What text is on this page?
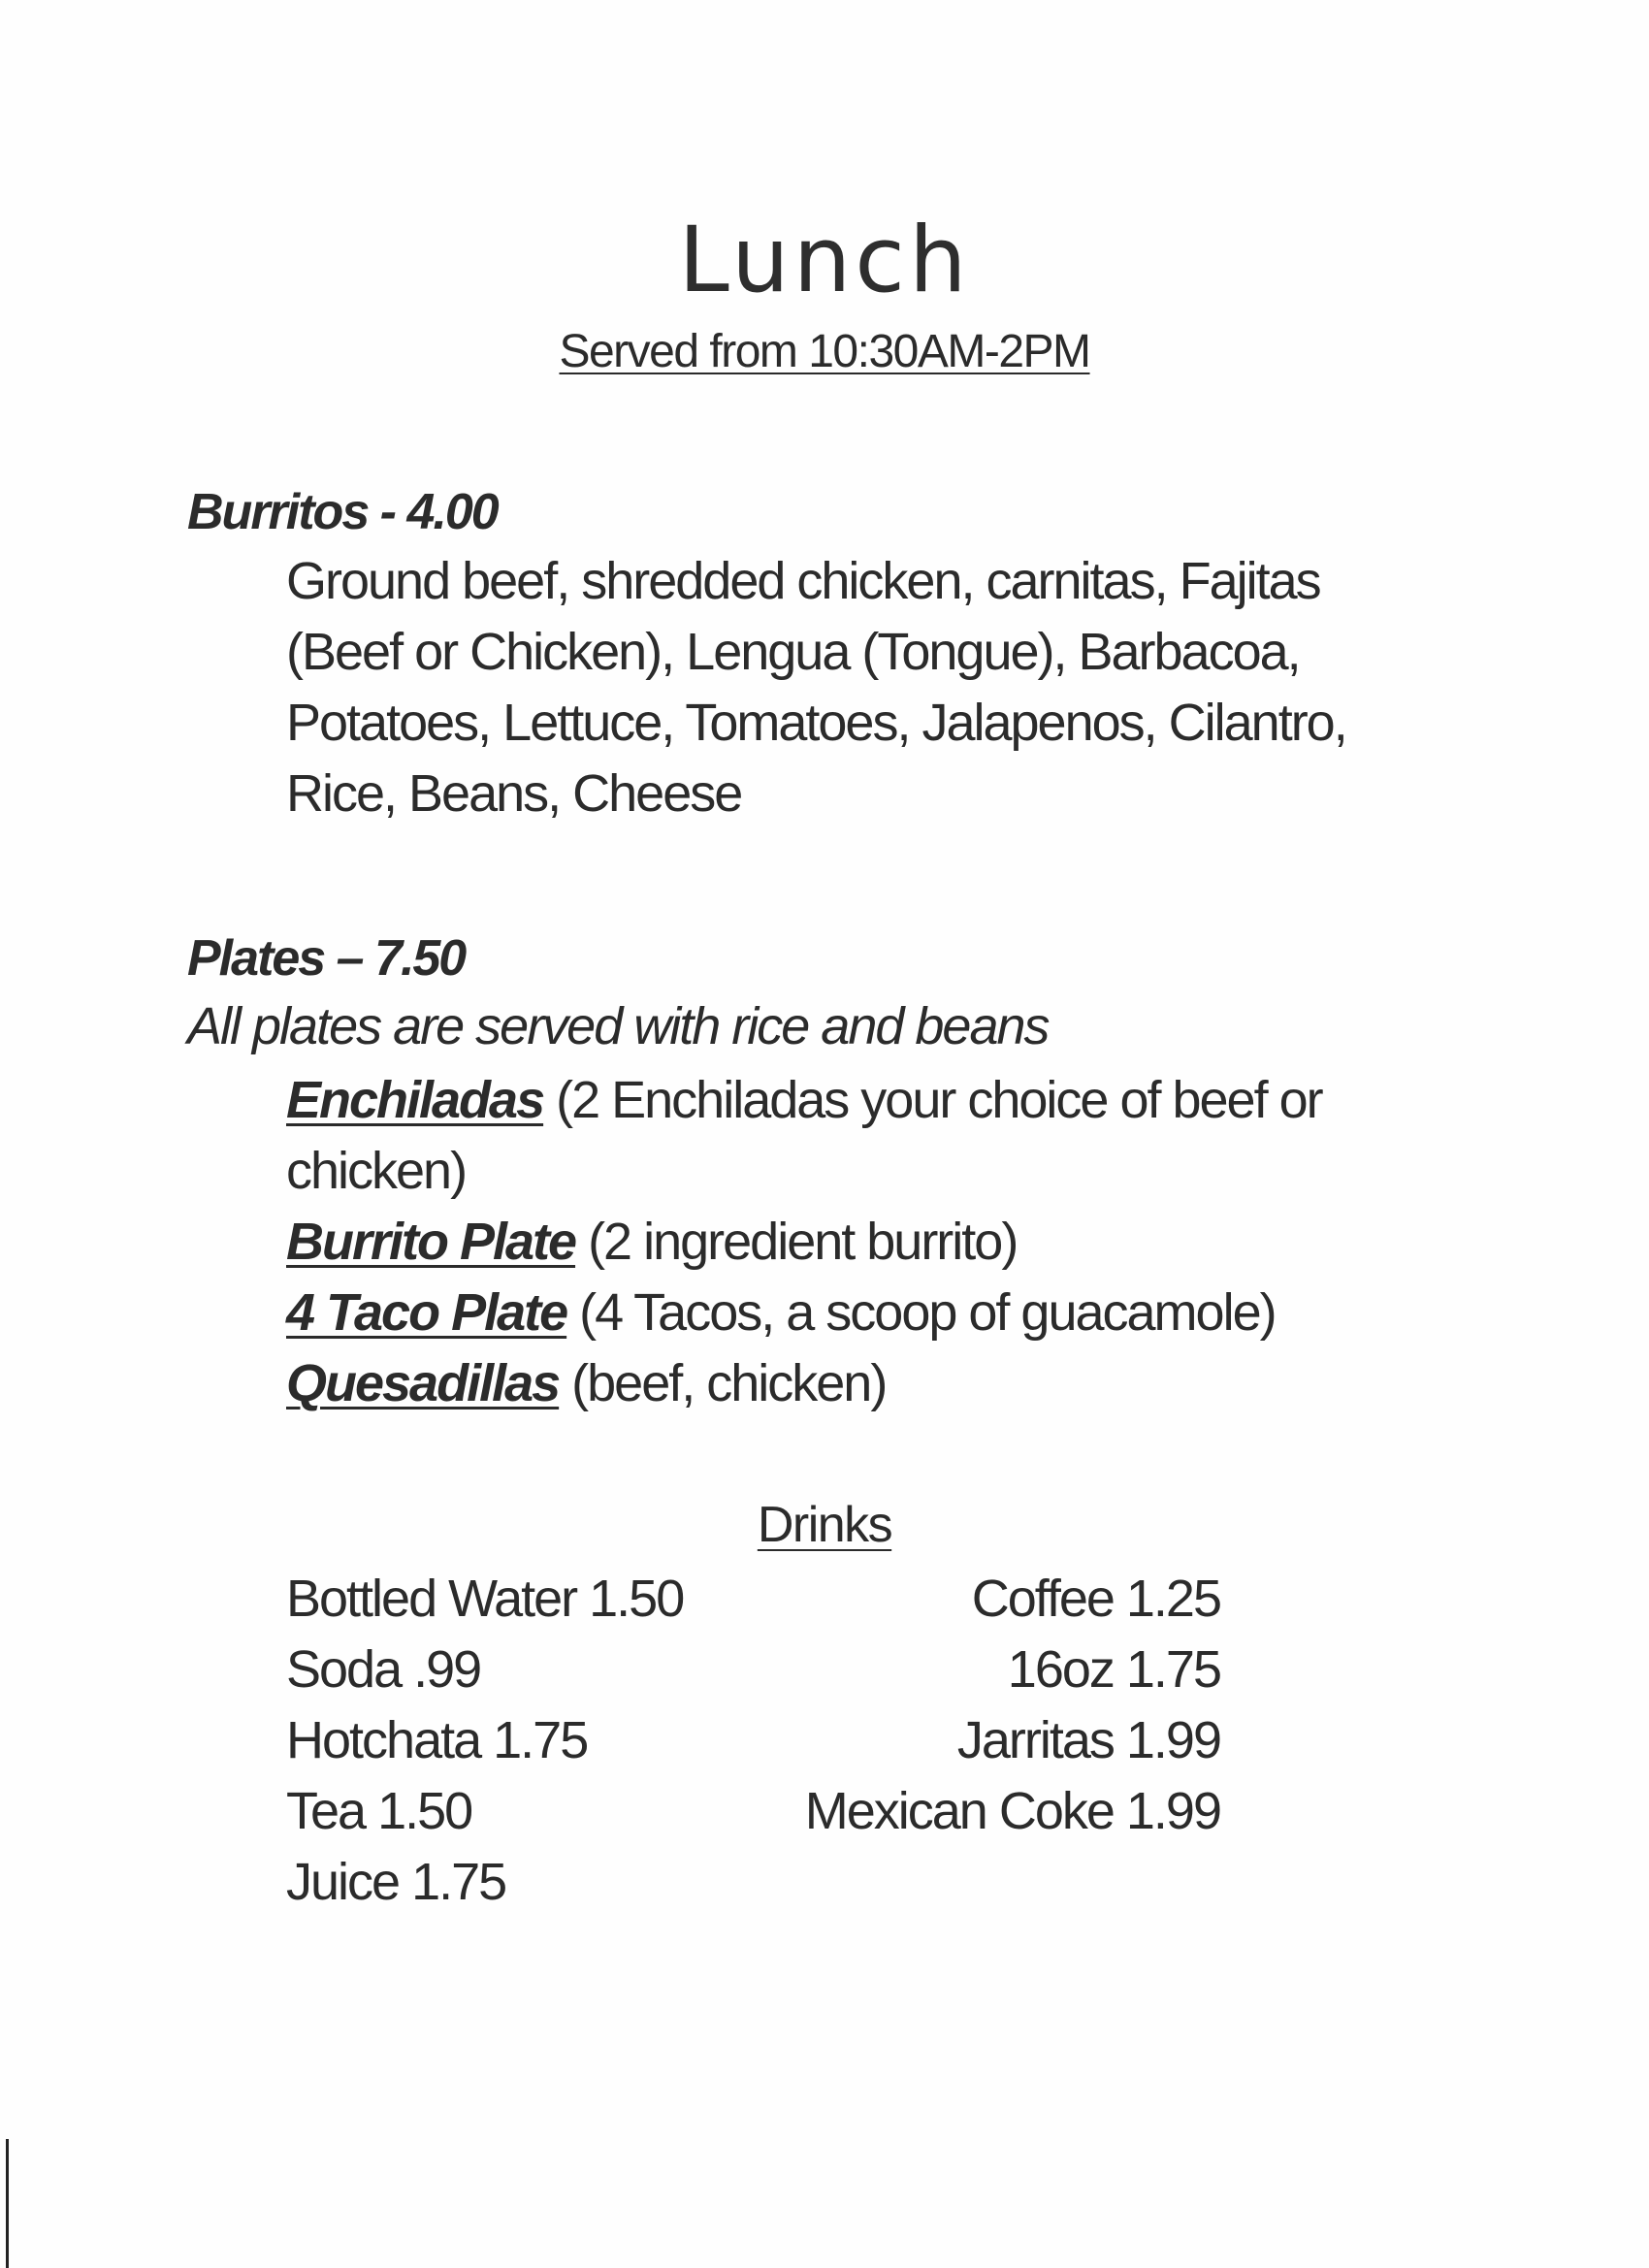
Lunch
Served from 10:30AM-2PM
Burritos - 4.00
Ground beef, shredded chicken, carnitas, Fajitas
(Beef or Chicken), Lengua (Tongue), Barbacoa,
Potatoes, Lettuce, Tomatoes, Jalapenos, Cilantro,
Rice, Beans, Cheese
Plates – 7.50
All plates are served with rice and beans
Enchiladas (2 Enchiladas your choice of beef or
chicken)
Burrito Plate (2 ingredient burrito)
4 Taco Plate (4 Tacos, a scoop of guacamole)
Quesadillas (beef, chicken)
Drinks
Bottled Water 1.50
Soda .99
Hotchata 1.75
Tea 1.50
Juice 1.75
Coffee 1.25
16oz 1.75
Jarritas 1.99
Mexican Coke 1.99
